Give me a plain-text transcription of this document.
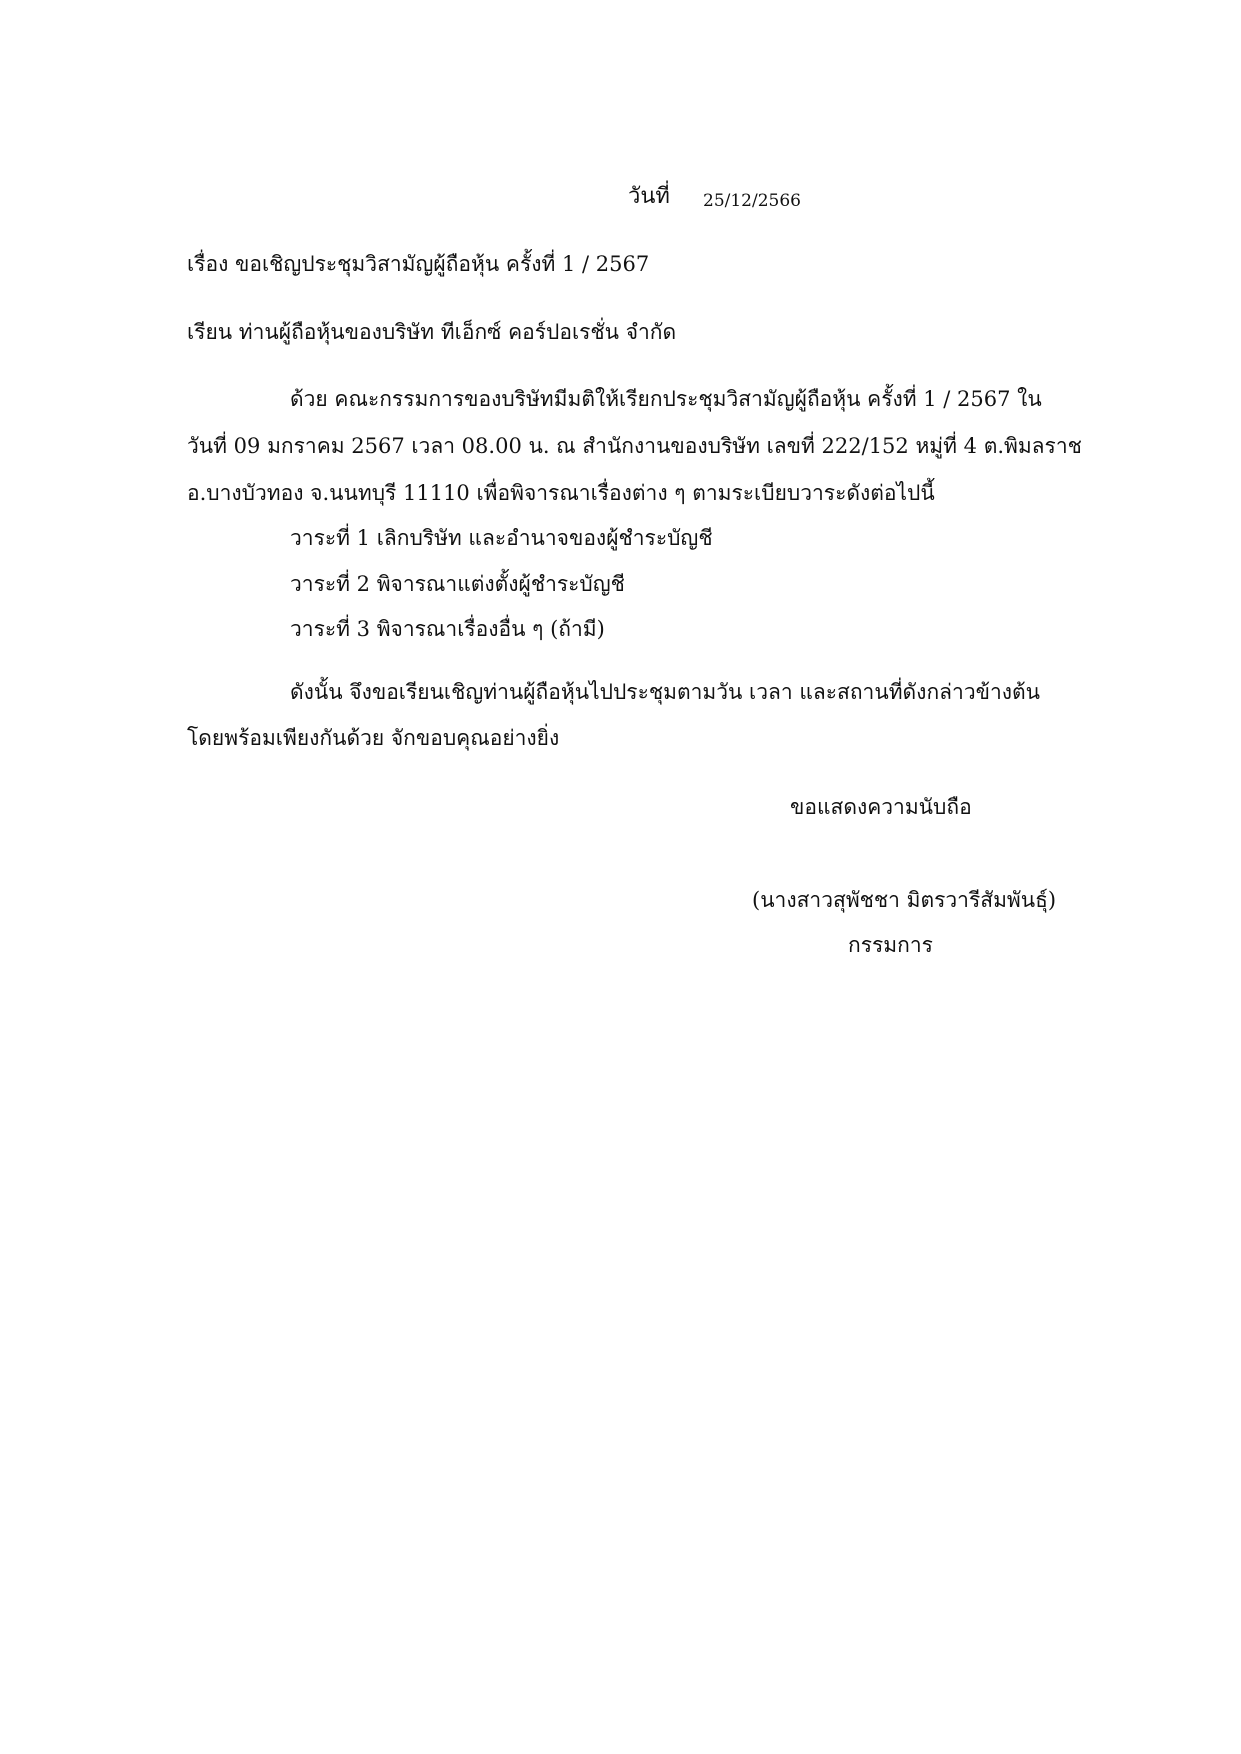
วันที่ 25/12/2566
เรื่อง ขอเชิญประชุมวิสามัญผู้ถือหุ้น ครั้งที่ 1 / 2567
เรียน ท่านผู้ถือหุ้นของบริษัท ทีเอ็กซ์ คอร์ปอเรชั่น จำกัด
ด้วย คณะกรรมการของบริษัทมีมติให้เรียกประชุมวิสามัญผู้ถือหุ้น ครั้งที่ 1 / 2567 ใน
วันที่ 09 มกราคม 2567 เวลา 08.00 น. ณ สำนักงานของบริษัท เลขที่ 222/152 หมู่ที่ 4 ต.พิมลราช
อ.บางบัวทอง จ.นนทบุรี 11110 เพื่อพิจารณาเรื่องต่าง ๆ ตามระเบียบวาระดังต่อไปนี้
วาระที่ 1 เลิกบริษัท และอำนาจของผู้ชำระบัญชี
วาระที่ 2 พิจารณาแต่งตั้งผู้ชำระบัญชี
วาระที่ 3 พิจารณาเรื่องอื่น ๆ (ถ้ามี)
ดังนั้น จึงขอเรียนเชิญท่านผู้ถือหุ้นไปประชุมตามวัน เวลา และสถานที่ดังกล่าวข้างต้น
โดยพร้อมเพียงกันด้วย จักขอบคุณอย่างยิ่ง
ขอแสดงความนับถือ
(นางสาวสุพัชชา มิตรวารีสัมพันธุ์)
กรรมการ
